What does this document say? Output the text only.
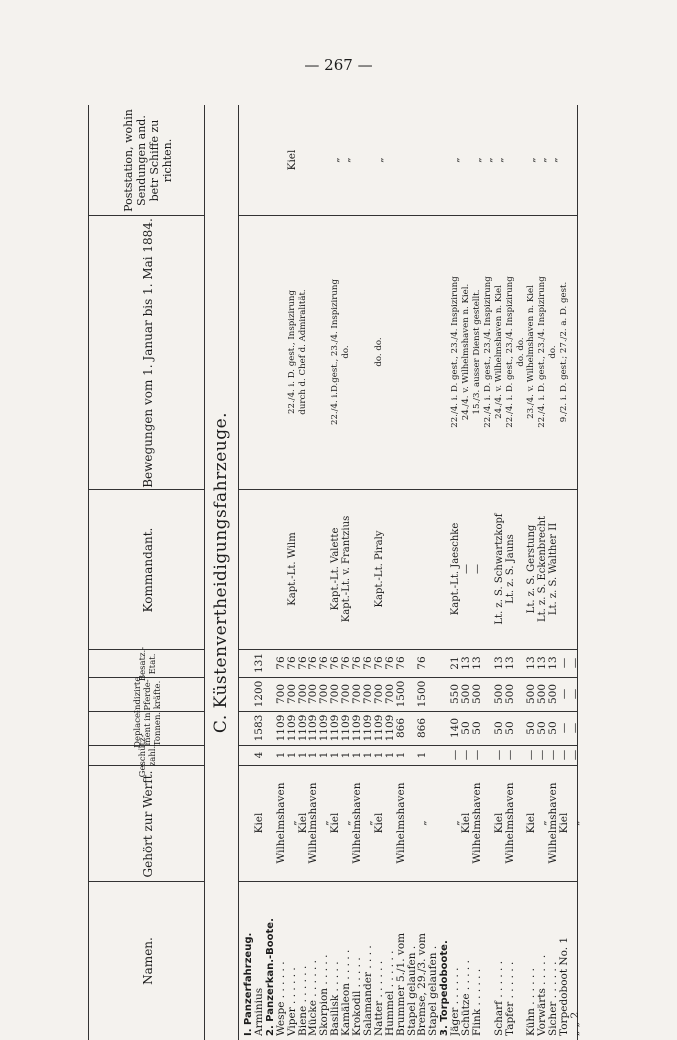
— 267 —
Namen.
Gehört zur Werft.
Geschütz-zahl.
Deplace-ment in Tonnen.
Indizirte Pferde-kräfte.
Besatz.-Etat.
Kommandant.
Bewegungen vom 1. Januar bis 1. Mai 1884.
Poststation, wohin Sendungen and. betr Schiffe zu richten.
C. Küstenvertheidigungsfahrzeuge.
I. Panzerfahrzeug.
Arminius
Kiel
4
1583
1200
131
2. Panzerkan.-Boote.
Wespe . . . . . .
Wilhelmshaven
1
1109
700
76
Viper . . . . . .
„
1
1109
700
76
Kapt.-Lt. Wilm
22./4. i. D. gest., Inspizirung
Kiel
Biene . . . . . .
Kiel
1
1109
700
76
durch d. Chef d. Admiralität.
Mücke . . . . . .
Wilhelmshaven
1
1109
700
76
Skorpion . . . . .
„
1
1109
700
76
Basilisk . . . . .
Kiel
1
1109
700
76
Kapt.-Lt. Valette
22./4. i.D.gest., 23./4. Inspizirung
„
Kamäleon . . . . .
„
1
1109
700
76
Kapt.-Lt. v. Frantzius
do.
„
Krokodil . . . . .
Wilhelmshaven
1
1109
700
76
Salamander . . . .
„
1
1109
700
76
Natter . . . . . .
Kiel
1
1109
700
76
Kapt.-Lt. Piraly
do. do.
„
Hummel . . . . . .
1
1109
700
76
Brummer 5./1. vom
Wilhelmshaven
1
866
1500
76
Stapel gelaufen .
Bremse, 29./3. vom
„
1
866
1500
76
Stapel gelaufen . 3. Torpedoboote.
Jäger . . . . . .
„
—
140
550
21
Kapt.-Lt. Jaeschke
22./4. i. D. gest., 23./4. Inspizirung
„
Schütze . . . . .
Kiel
—
50
500
13
—
24./4. v. Wilhelmshaven n. Kiel.
Flink . . . . . .
Wilhelmshaven
—
50
500
13
—
15./3. ausser Dienst gestellt.
„
22./4. i. D. gest., 23./4. Inspizirung
„
Scharf . . . . . .
Kiel
—
50
500
13
Lt. z. S. Schwartzkopf
24./4. v. Wilhelmshaven n. Kiel
„
Tapfer . . . . . .
Wilhelmshaven
—
50
500
13
Lt. z. S. Jauns
22./4. i. D. gest., 23./4. Inspizirung do. do.
Kühn . . . . . .
Kiel
—
50
500
13
Lt. z. S. Gerstung
23./4. v. Wilhelmshaven n. Kiel
„
Vorwärts . . . . .
„
—
50
500
13
Lt. z. S. Eckenbrecht
22./4. i. D. gest., 23./4. Inspizirung
„
Sicher . . . . . .
Wilhelmshaven
—
50
500
13
Lt. z. S. Walther II
do.
„
Torpedoboot No. 1
Kiel
—
—
—
—
9./2. i. D. gest.; 27./2. a. D. gest.
„ „ 2
„
—
—
—
—
